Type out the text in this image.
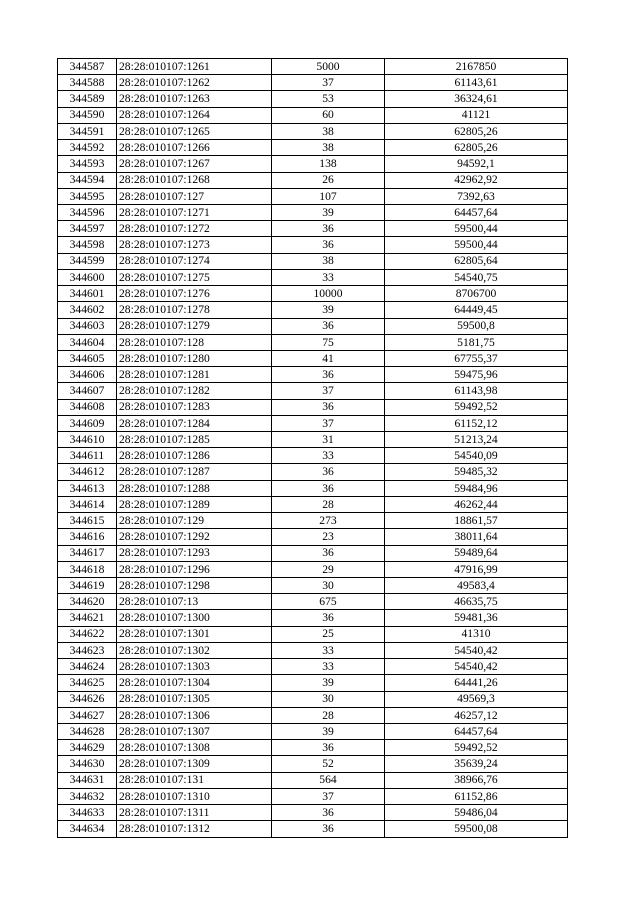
344587	28:28:010107:1261	5000	2167850
344588	28:28:010107:1262	37	61143,61
344589	28:28:010107:1263	53	36324,61
344590	28:28:010107:1264	60	41121
344591	28:28:010107:1265	38	62805,26
344592	28:28:010107:1266	38	62805,26
344593	28:28:010107:1267	138	94592,1
344594	28:28:010107:1268	26	42962,92
344595	28:28:010107:127	107	7392,63
344596	28:28:010107:1271	39	64457,64
344597	28:28:010107:1272	36	59500,44
344598	28:28:010107:1273	36	59500,44
344599	28:28:010107:1274	38	62805,64
344600	28:28:010107:1275	33	54540,75
344601	28:28:010107:1276	10000	8706700
344602	28:28:010107:1278	39	64449,45
344603	28:28:010107:1279	36	59500,8
344604	28:28:010107:128	75	5181,75
344605	28:28:010107:1280	41	67755,37
344606	28:28:010107:1281	36	59475,96
344607	28:28:010107:1282	37	61143,98
344608	28:28:010107:1283	36	59492,52
344609	28:28:010107:1284	37	61152,12
344610	28:28:010107:1285	31	51213,24
344611	28:28:010107:1286	33	54540,09
344612	28:28:010107:1287	36	59485,32
344613	28:28:010107:1288	36	59484,96
344614	28:28:010107:1289	28	46262,44
344615	28:28:010107:129	273	18861,57
344616	28:28:010107:1292	23	38011,64
344617	28:28:010107:1293	36	59489,64
344618	28:28:010107:1296	29	47916,99
344619	28:28:010107:1298	30	49583,4
344620	28:28:010107:13	675	46635,75
344621	28:28:010107:1300	36	59481,36
344622	28:28:010107:1301	25	41310
344623	28:28:010107:1302	33	54540,42
344624	28:28:010107:1303	33	54540,42
344625	28:28:010107:1304	39	64441,26
344626	28:28:010107:1305	30	49569,3
344627	28:28:010107:1306	28	46257,12
344628	28:28:010107:1307	39	64457,64
344629	28:28:010107:1308	36	59492,52
344630	28:28:010107:1309	52	35639,24
344631	28:28:010107:131	564	38966,76
344632	28:28:010107:1310	37	61152,86
344633	28:28:010107:1311	36	59486,04
344634	28:28:010107:1312	36	59500,08
